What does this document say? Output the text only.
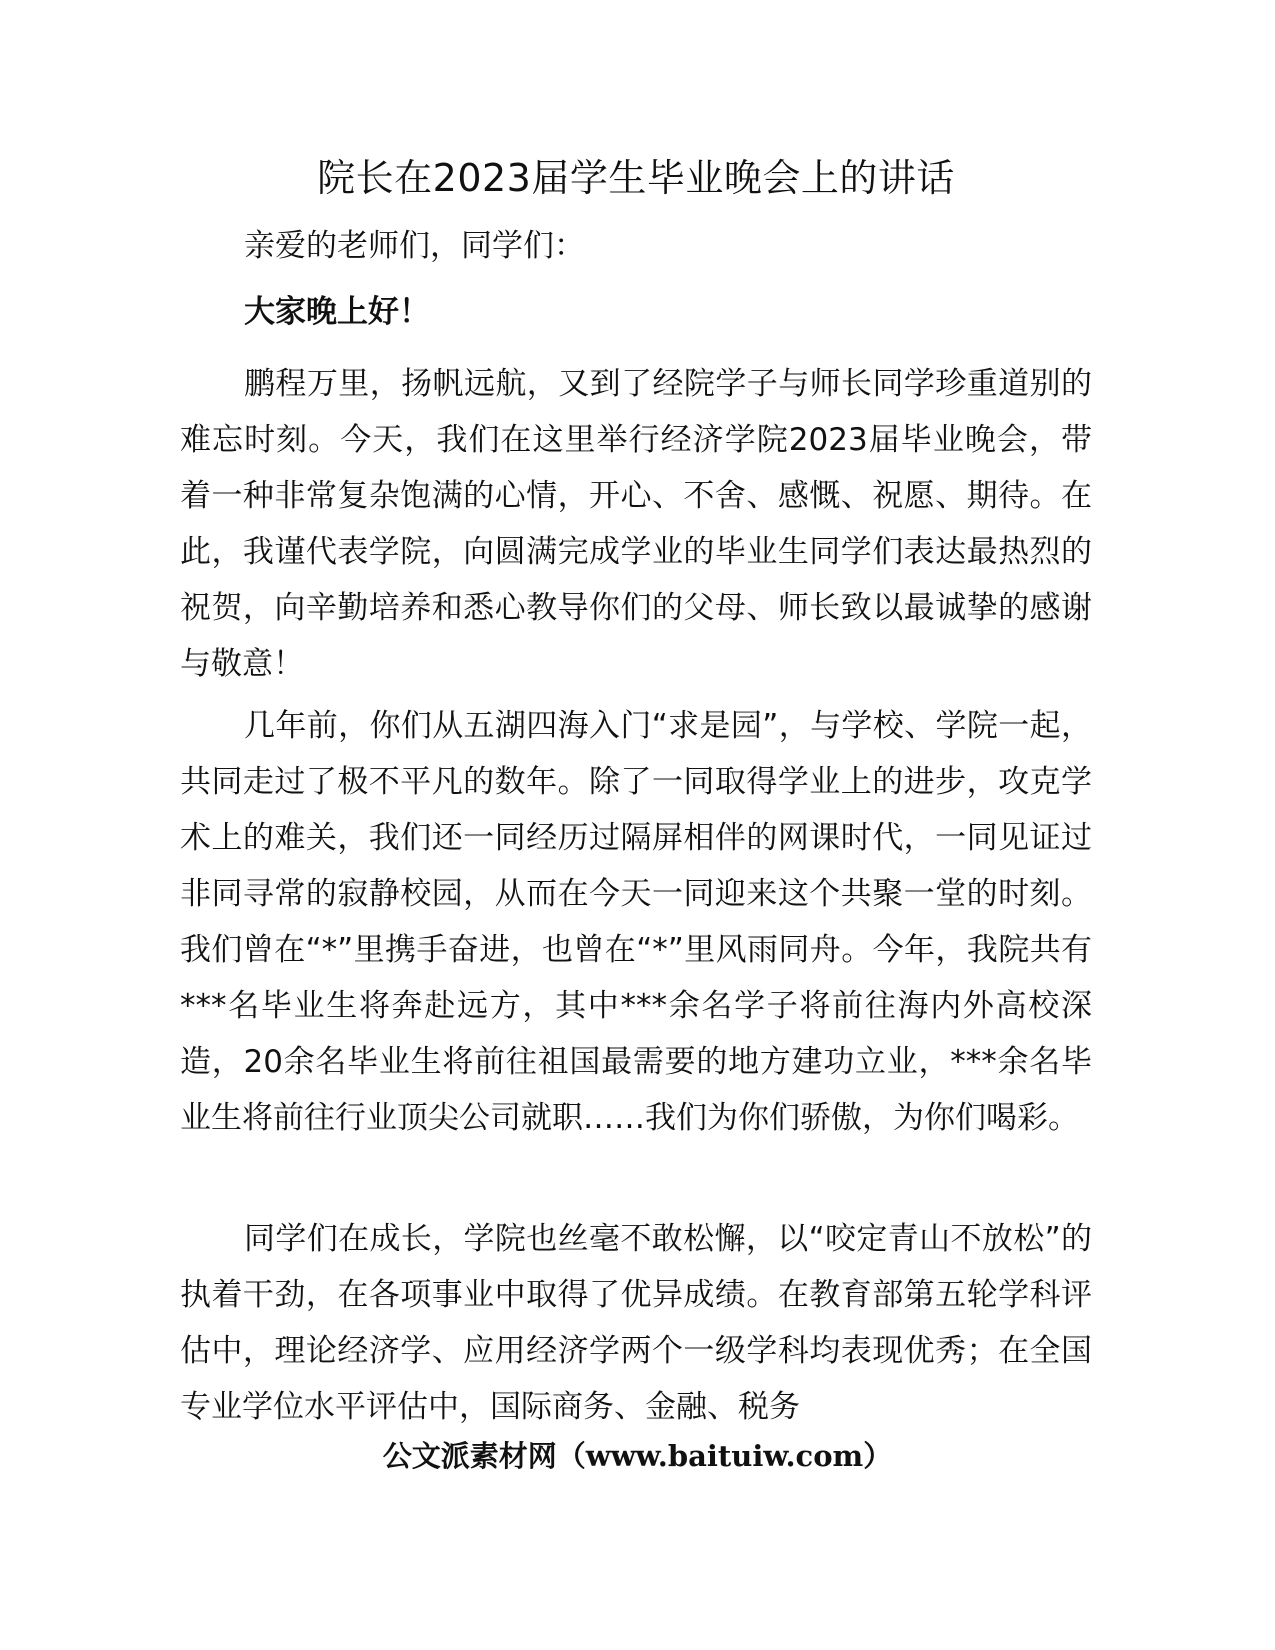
院长在2023届学生毕业晚会上的讲话

亲爱的老师们，同学们：

大家晚上好！

鹏程万里，扬帆远航，又到了经院学子与师长同学珍重道别的难忘时刻。今天，我们在这里举行经济学院2023届毕业晚会，带着一种非常复杂饱满的心情，开心、不舍、感慨、祝愿、期待。在此，我谨代表学院，向圆满完成学业的毕业生同学们表达最热烈的祝贺，向辛勤培养和悉心教导你们的父母、师长致以最诚挚的感谢与敬意！

几年前，你们从五湖四海入门“求是园”，与学校、学院一起，共同走过了极不平凡的数年。除了一同取得学业上的进步，攻克学术上的难关，我们还一同经历过隔屏相伴的网课时代，一同见证过非同寻常的寂静校园，从而在今天一同迎来这个共聚一堂的时刻。我们曾在“*”里携手奋进，也曾在“*”里风雨同舟。今年，我院共有***名毕业生将奔赴远方，其中***余名学子将前往海内外高校深造，20余名毕业生将前往祖国最需要的地方建功立业，***余名毕业生将前往行业顶尖公司就职……我们为你们骄傲，为你们喝彩。

同学们在成长，学院也丝毫不敢松懈，以“咬定青山不放松”的执着干劲，在各项事业中取得了优异成绩。在教育部第五轮学科评估中，理论经济学、应用经济学两个一级学科均表现优秀；在全国专业学位水平评估中，国际商务、金融、税务

公文派素材网（www.baituiw.com）
